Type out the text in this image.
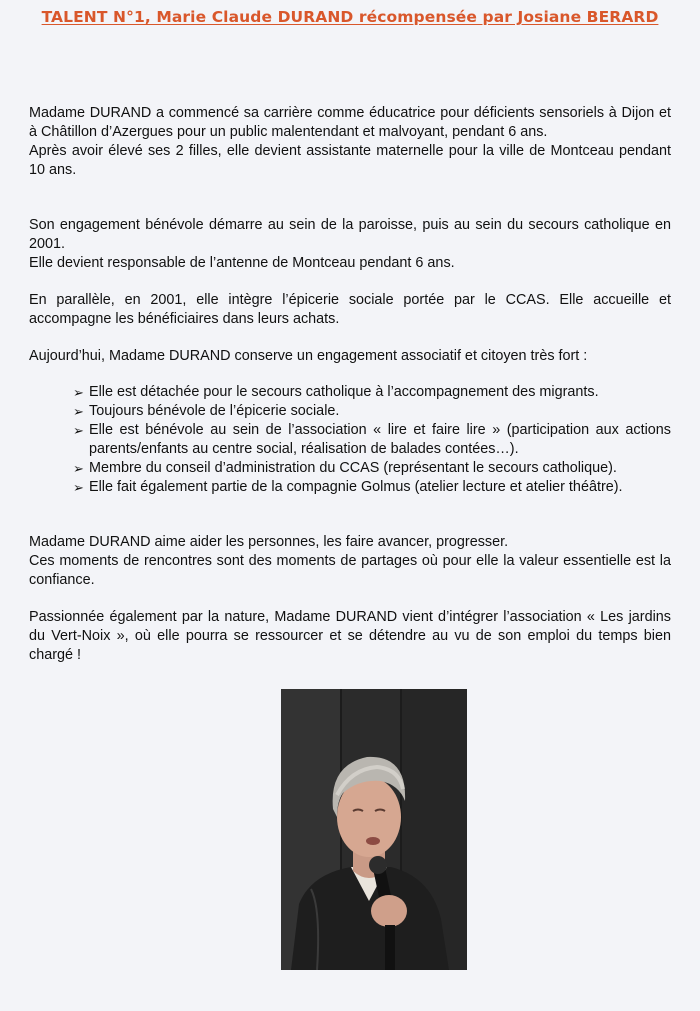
TALENT N°1, Marie Claude DURAND récompensée par Josiane BERARD

Madame DURAND a commencé sa carrière comme éducatrice pour déficients sensoriels à Dijon et à Châtillon d’Azergues pour un public malentendant et malvoyant, pendant 6 ans.

Après avoir élevé ses 2 filles, elle devient assistante maternelle pour la ville de Montceau pendant 10 ans.

Son engagement bénévole démarre au sein de la paroisse, puis au sein du secours catholique en 2001.

Elle devient responsable de l’antenne de Montceau pendant 6 ans.

En parallèle, en 2001, elle intègre l’épicerie sociale portée par le CCAS. Elle accueille et accompagne les bénéficiaires dans leurs achats.

Aujourd’hui, Madame DURAND conserve un engagement associatif et citoyen très fort :

➢ Elle est détachée pour le secours catholique à l’accompagnement des migrants.
➢ Toujours bénévole de l’épicerie sociale.
➢ Elle est bénévole au sein de l’association « lire et faire lire » (participation aux actions parents/enfants au centre social, réalisation de balades contées…).
➢ Membre du conseil d’administration du CCAS (représentant le secours catholique).
➢ Elle fait également partie de la compagnie Golmus (atelier lecture et atelier théâtre).

Madame DURAND aime aider les personnes, les faire avancer, progresser.

Ces moments de rencontres sont des moments de partages où pour elle la valeur essentielle est la confiance.

Passionnée également par la nature, Madame DURAND vient d’intégrer l’association « Les jardins du Vert-Noix », où elle pourra se ressourcer et se détendre au vu de son emploi du temps bien chargé !
